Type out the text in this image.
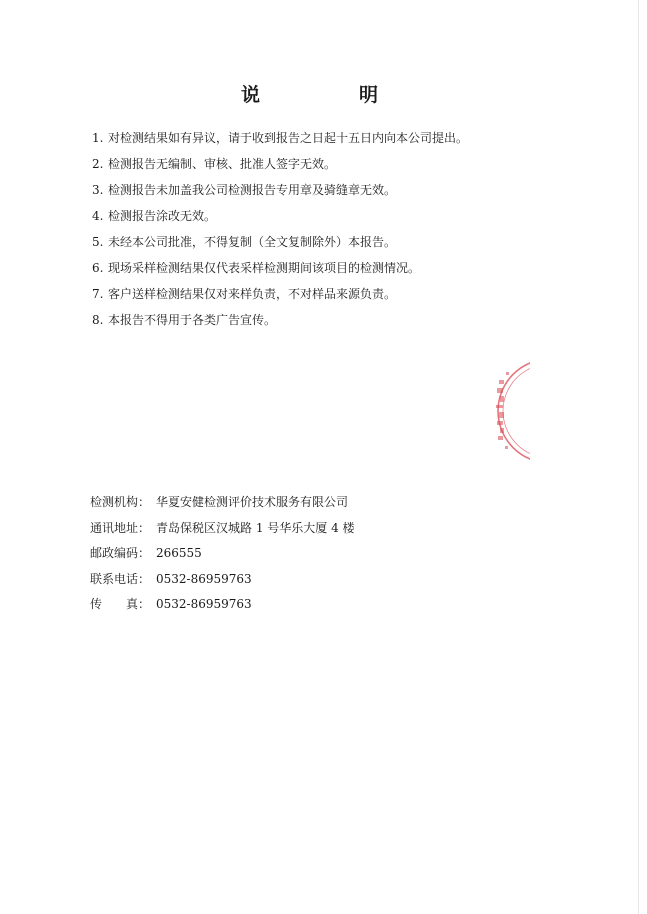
说　明
1. 对检测结果如有异议，请于收到报告之日起十五日内向本公司提出。
2. 检测报告无编制、审核、批准人签字无效。
3. 检测报告未加盖我公司检测报告专用章及骑缝章无效。
4. 检测报告涂改无效。
5. 未经本公司批准，不得复制（全文复制除外）本报告。
6. 现场采样检测结果仅代表采样检测期间该项目的检测情况。
7. 客户送样检测结果仅对来样负责，不对样品来源负责。
8. 本报告不得用于各类广告宣传。
检测机构： 华夏安健检测评价技术服务有限公司
通讯地址： 青岛保税区汉城路 1 号华乐大厦 4 楼
邮政编码： 266555
联系电话： 0532-86959763
传　　真： 0532-86959763
